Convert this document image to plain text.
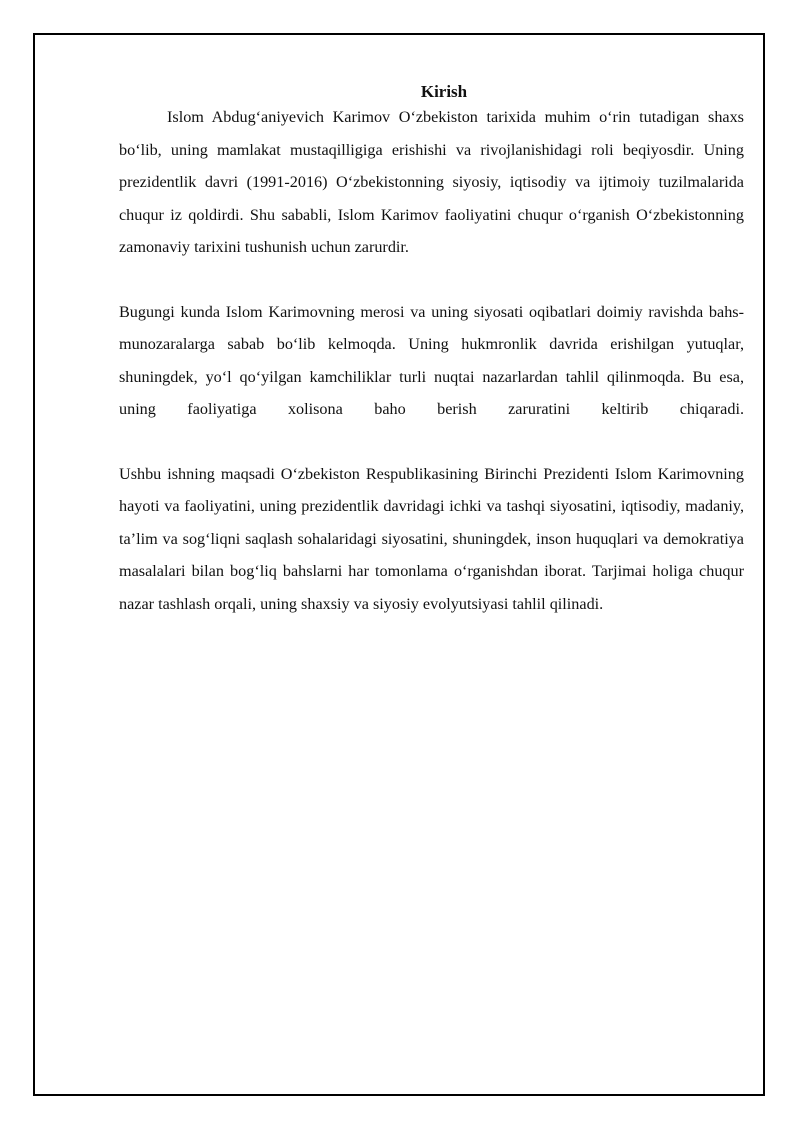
Kirish

Islom Abdug‘aniyevich Karimov O‘zbekiston tarixida muhim o‘rin tutadigan shaxs bo‘lib, uning mamlakat mustaqilligiga erishishi va rivojlanishidagi roli beqiyosdir. Uning prezidentlik davri (1991-2016) O‘zbekistonning siyosiy, iqtisodiy va ijtimoiy tuzilmalarida chuqur iz qoldirdi. Shu sababli, Islom Karimov faoliyatini chuqur o‘rganish O‘zbekistonning zamonaviy tarixini tushunish uchun zarurdir.

Bugungi kunda Islom Karimovning merosi va uning siyosati oqibatlari doimiy ravishda bahs-munozaralarga sabab bo‘lib kelmoqda. Uning hukmronlik davrida erishilgan yutuqlar, shuningdek, yo‘l qo‘yilgan kamchiliklar turli nuqtai nazarlardan tahlil qilinmoqda. Bu esa, uning faoliyatiga xolisona baho berish zaruratini keltirib chiqaradi.

Ushbu ishning maqsadi O‘zbekiston Respublikasining Birinchi Prezidenti Islom Karimovning hayoti va faoliyatini, uning prezidentlik davridagi ichki va tashqi siyosatini, iqtisodiy, madaniy, ta’lim va sog‘liqni saqlash sohalaridagi siyosatini, shuningdek, inson huquqlari va demokratiya masalalari bilan bog‘liq bahslarni har tomonlama o‘rganishdan iborat. Tarjimai holiga chuqur nazar tashlash orqali, uning shaxsiy va siyosiy evolyutsiyasi tahlil qilinadi.
